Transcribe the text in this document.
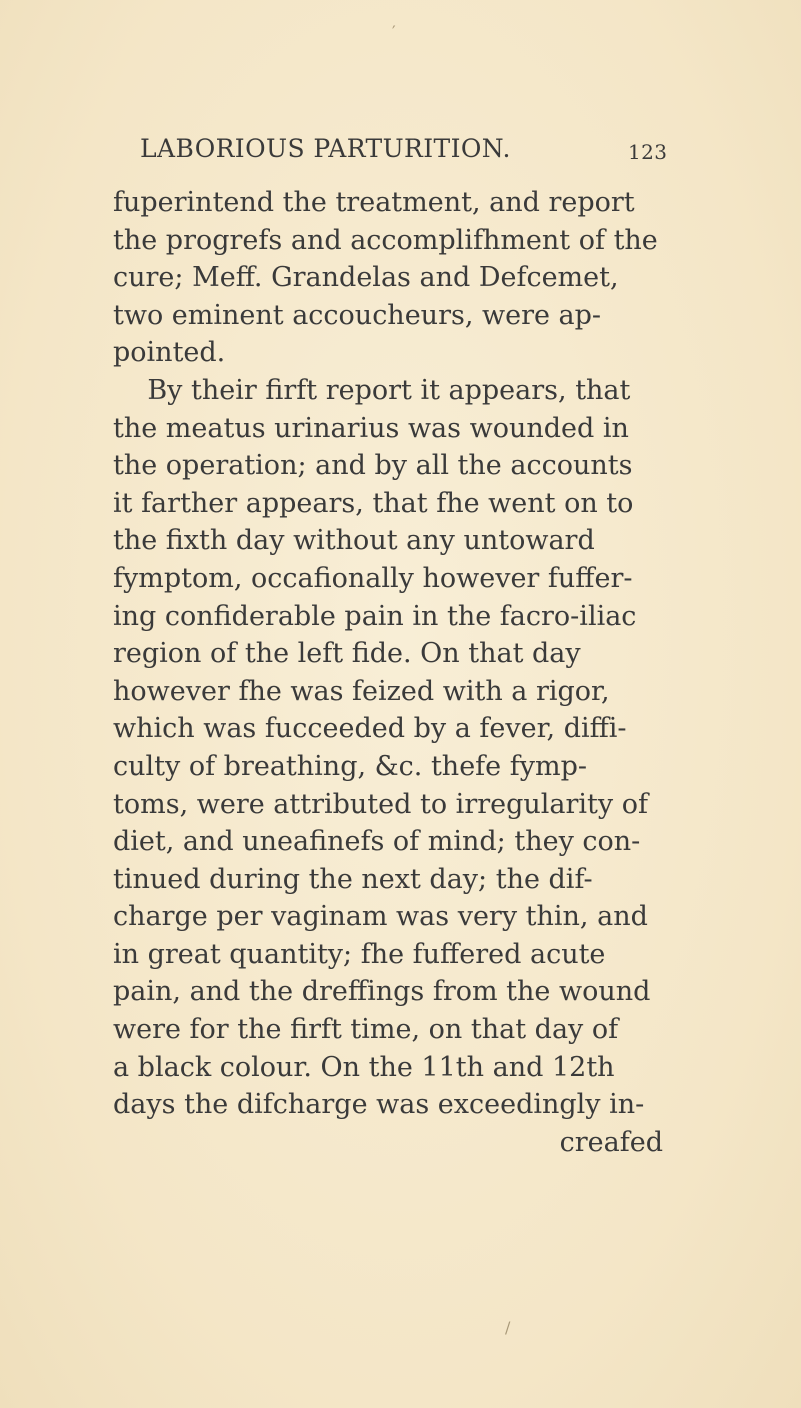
LABORIOUS PARTURITION.	123
fuperintend the treatment, and report
the progrefs and accomplifhment of the
cure; Meff. Grandelas and Defcemet,
two eminent accoucheurs, were ap-
pointed.
By their firft report it appears, that
the meatus urinarius was wounded in
the operation; and by all the accounts
it farther appears, that fhe went on to
the fixth day without any untoward
fymptom, occafionally however fuffer-
ing confiderable pain in the facro-iliac
region of the left fide. On that day
however fhe was feized with a rigor,
which was fucceeded by a fever, diffi-
culty of breathing, &c. thefe fymp-
toms, were attributed to irregularity of
diet, and uneafinefs of mind; they con-
tinued during the next day; the dif-
charge per vaginam was very thin, and
in great quantity; fhe fuffered acute
pain, and the dreffings from the wound
were for the firft time, on that day of
a black colour. On the 11th and 12th
days the difcharge was exceedingly in-
creafed
′
/
